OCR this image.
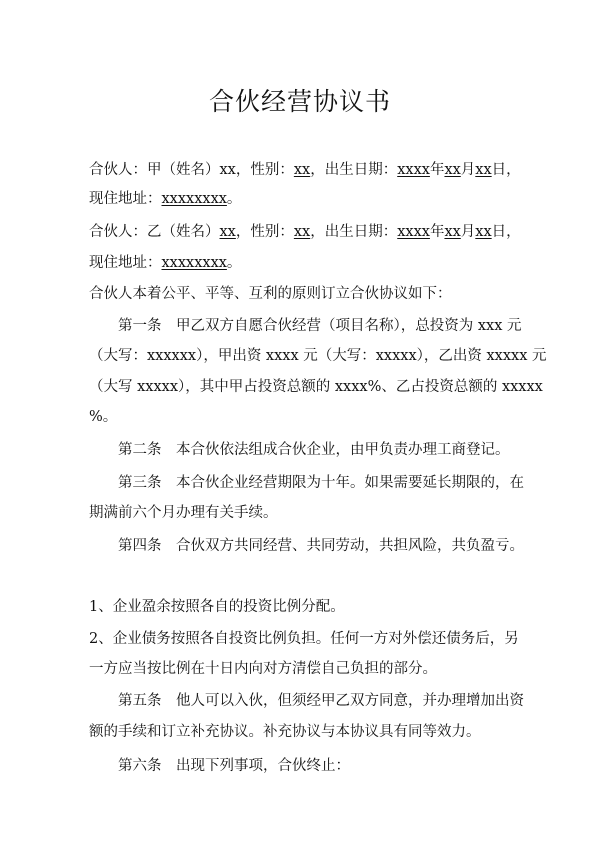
合伙经营协议书
合伙人：甲（姓名）xx，性别：xx，出生日期：xxxx年xx月xx日，
现住地址：xxxxxxxx。
合伙人：乙（姓名）xx，性别：xx，出生日期：xxxx年xx月xx日，
现住地址：xxxxxxxx。
合伙人本着公平、平等、互利的原则订立合伙协议如下：
第一条　甲乙双方自愿合伙经营（项目名称），总投资为 xxx 元
（大写：xxxxxx），甲出资 xxxx 元（大写：xxxxx），乙出资 xxxxx 元
（大写 xxxxx），其中甲占投资总额的 xxxx%、乙占投资总额的 xxxxx
%。
第二条　本合伙依法组成合伙企业，由甲负责办理工商登记。
第三条　本合伙企业经营期限为十年。如果需要延长期限的，在
期满前六个月办理有关手续。
第四条　合伙双方共同经营、共同劳动，共担风险，共负盈亏。
1、企业盈余按照各自的投资比例分配。
2、企业债务按照各自投资比例负担。任何一方对外偿还债务后，另
一方应当按比例在十日内向对方清偿自己负担的部分。
第五条　他人可以入伙，但须经甲乙双方同意，并办理增加出资
额的手续和订立补充协议。补充协议与本协议具有同等效力。
第六条　出现下列事项，合伙终止：
